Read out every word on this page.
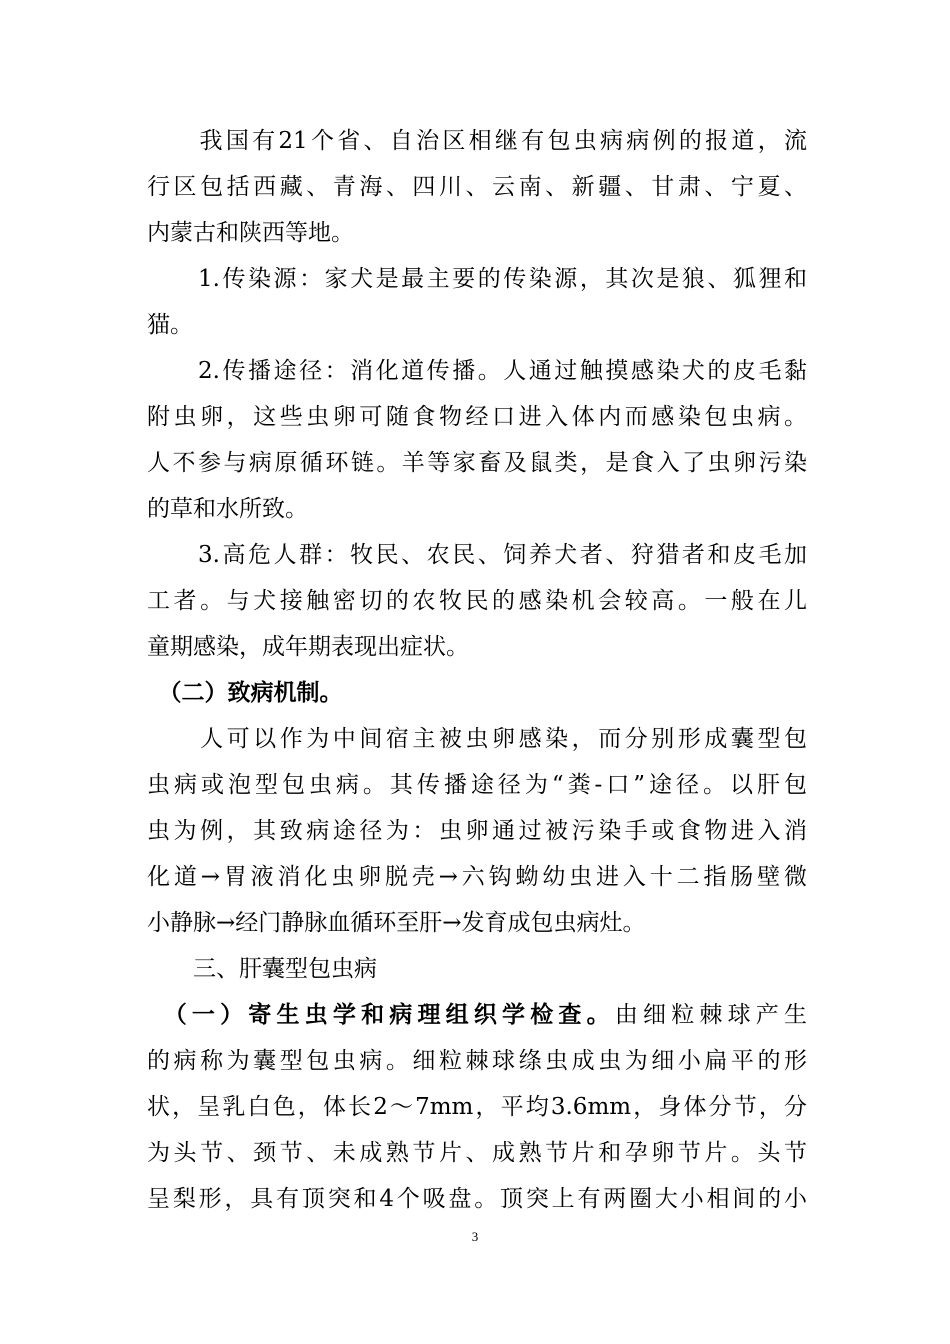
　　我国有21个省、自治区相继有包虫病病例的报道，流
行区包括西藏、青海、四川、云南、新疆、甘肃、宁夏、
内蒙古和陕西等地。
　　1.传染源：家犬是最主要的传染源，其次是狼、狐狸和
猫。
　　2.传播途径：消化道传播。人通过触摸感染犬的皮毛黏
附虫卵，这些虫卵可随食物经口进入体内而感染包虫病。
人不参与病原循环链。羊等家畜及鼠类，是食入了虫卵污染
的草和水所致。
　　3.高危人群：牧民、农民、饲养犬者、狩猎者和皮毛加
工者。与犬接触密切的农牧民的感染机会较高。一般在儿
童期感染，成年期表现出症状。
　（二）致病机制。
　　人可以作为中间宿主被虫卵感染，而分别形成囊型包
虫病或泡型包虫病。其传播途径为“粪-口”途径。以肝包
虫为例，其致病途径为：虫卵通过被污染手或食物进入消
化道→胃液消化虫卵脱壳→六钩蚴幼虫进入十二指肠壁微
小静脉→经门静脉血循环至肝→发育成包虫病灶。
　　三、肝囊型包虫病
　（一）寄生虫学和病理组织学检查。由细粒棘球产生
的病称为囊型包虫病。细粒棘球绦虫成虫为细小扁平的形
状，呈乳白色，体长2～7mm，平均3.6mm，身体分节，分
为头节、颈节、未成熟节片、成熟节片和孕卵节片。头节
呈梨形，具有顶突和4个吸盘。顶突上有两圈大小相间的小
3
